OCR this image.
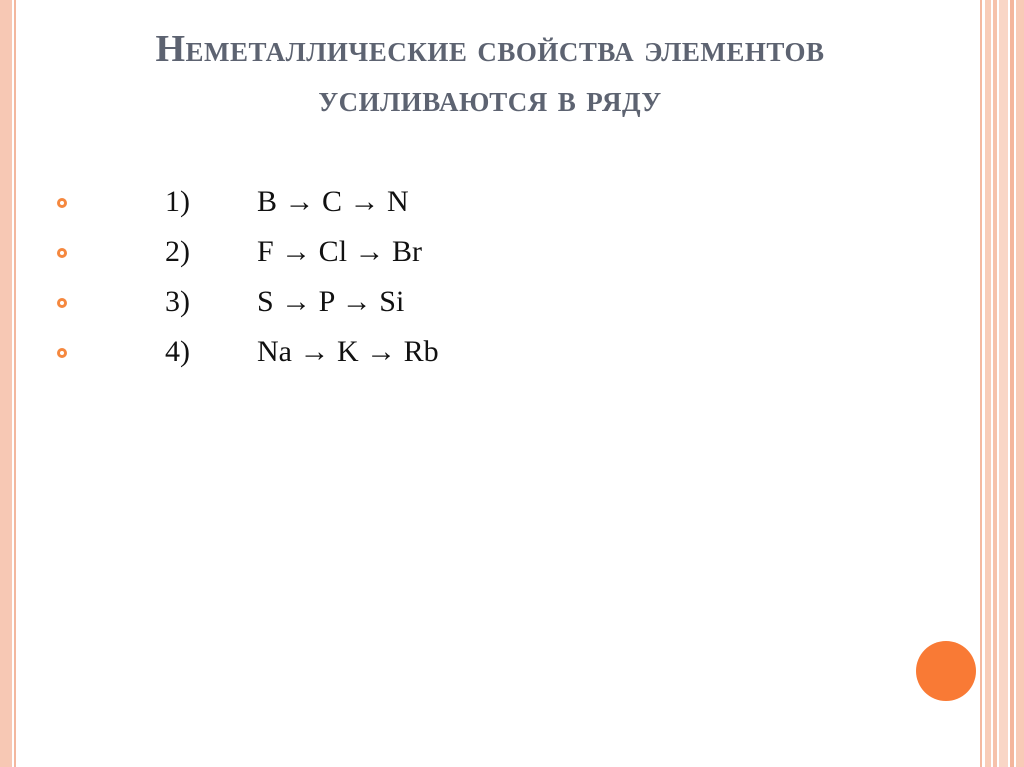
Неметаллические свойства элементов
усиливаются в ряду
1) B → C → N
2) F → Cl → Br
3) S → P → Si
4) Na → K → Rb
